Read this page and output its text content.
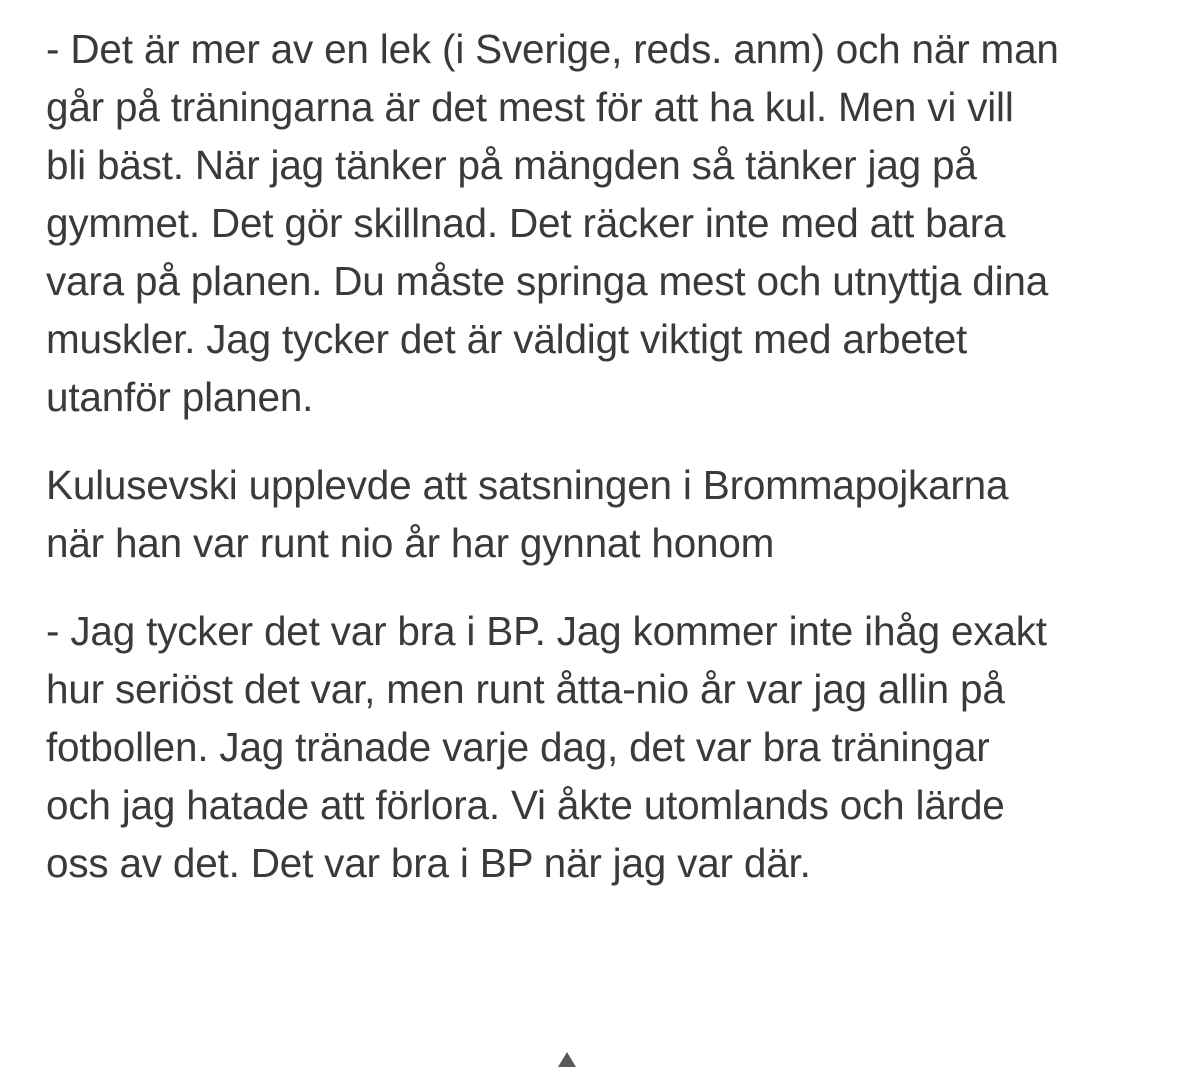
- Det är mer av en lek (i Sverige, reds. anm) och när man
går på träningarna är det mest för att ha kul. Men vi vill
bli bäst. När jag tänker på mängden så tänker jag på
gymmet. Det gör skillnad. Det räcker inte med att bara
vara på planen. Du måste springa mest och utnyttja dina
muskler. Jag tycker det är väldigt viktigt med arbetet
utanför planen.

Kulusevski upplevde att satsningen i Brommapojkarna
när han var runt nio år har gynnat honom

- Jag tycker det var bra i BP. Jag kommer inte ihåg exakt
hur seriöst det var, men runt åtta-nio år var jag allin på
fotbollen. Jag tränade varje dag, det var bra träningar
och jag hatade att förlora. Vi åkte utomlands och lärde
oss av det. Det var bra i BP när jag var där.
